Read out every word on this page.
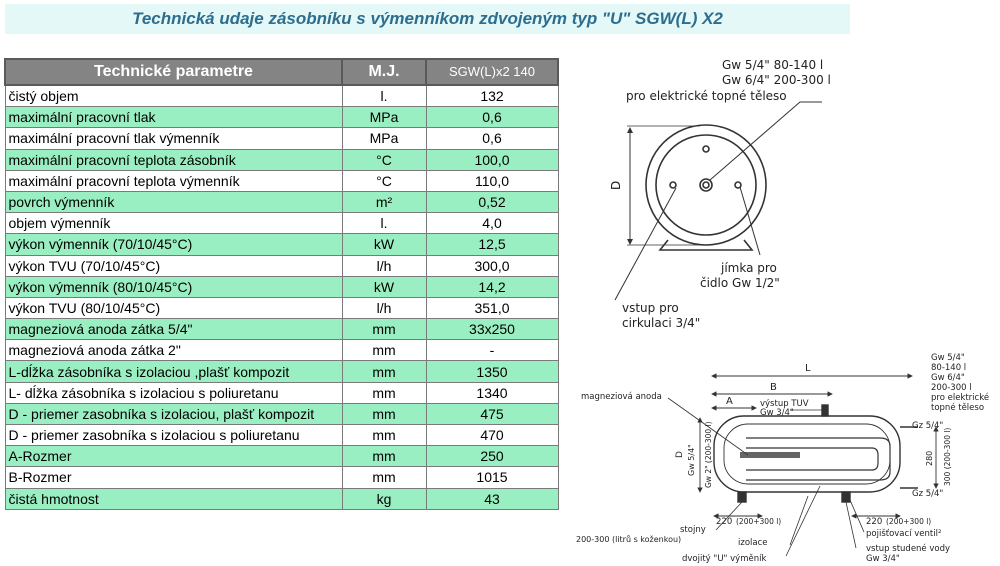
Technická udaje zásobníku s výmenníkom zdvojeným typ "U" SGW(L) X2
Technické parametre	M.J.	SGW(L)x2 140
čistý objem	l.	132
maximální pracovní tlak	MPa	0,6
maximální pracovní tlak výmenník	MPa	0,6
maximální pracovní teplota zásobník	°C	100,0
maximální pracovní teplota výmenník	°C	110,0
povrch výmenník	m²	0,52
objem výmenník	l.	4,0
výkon výmenník (70/10/45°C)	kW	12,5
výkon TVU (70/10/45°C)	l/h	300,0
výkon výmenník (80/10/45°C)	kW	14,2
výkon TVU (80/10/45°C)	l/h	351,0
magneziová anoda zátka 5/4"	mm	33x250
magneziová anoda zátka 2"	mm	-
L-dĺžka zásobníka s izolaciou ,plašť kompozit	mm	1350
L- dĺžka zásobníka s izolaciou s poliuretanu	mm	1340
D - priemer zasobníka s izolaciou, plašť kompozit	mm	475
D - priemer zasobníka s izolaciou s poliuretanu	mm	470
A-Rozmer	mm	250
B-Rozmer	mm	1015
čistá hmotnost	kg	43
Gw 5/4" 80-140 l
Gw 6/4" 200-300 l
pro elektrické topné těleso
D
jímka pro
čidlo Gw 1/2"
vstup pro
cirkulaci 3/4"
L
B
A
magneziová anoda
výstup TUV
Gw 3/4"
Gw 5/4"
80-140 l
Gw 6/4"
200-300 l
pro elektrické
topné těleso
Gz 5/4"
Gz 5/4"
D Gw 5/4" Gw 2" (200-300 l)	280 300 (200-300 l)
220 (200+300 l)	220 (200+300 l)
stojny
200-300 (litrů s koženkou)	izolace
dvojitý "U" výměník
pojišťovací ventil²
vstup studené vody
Gw 3/4"
